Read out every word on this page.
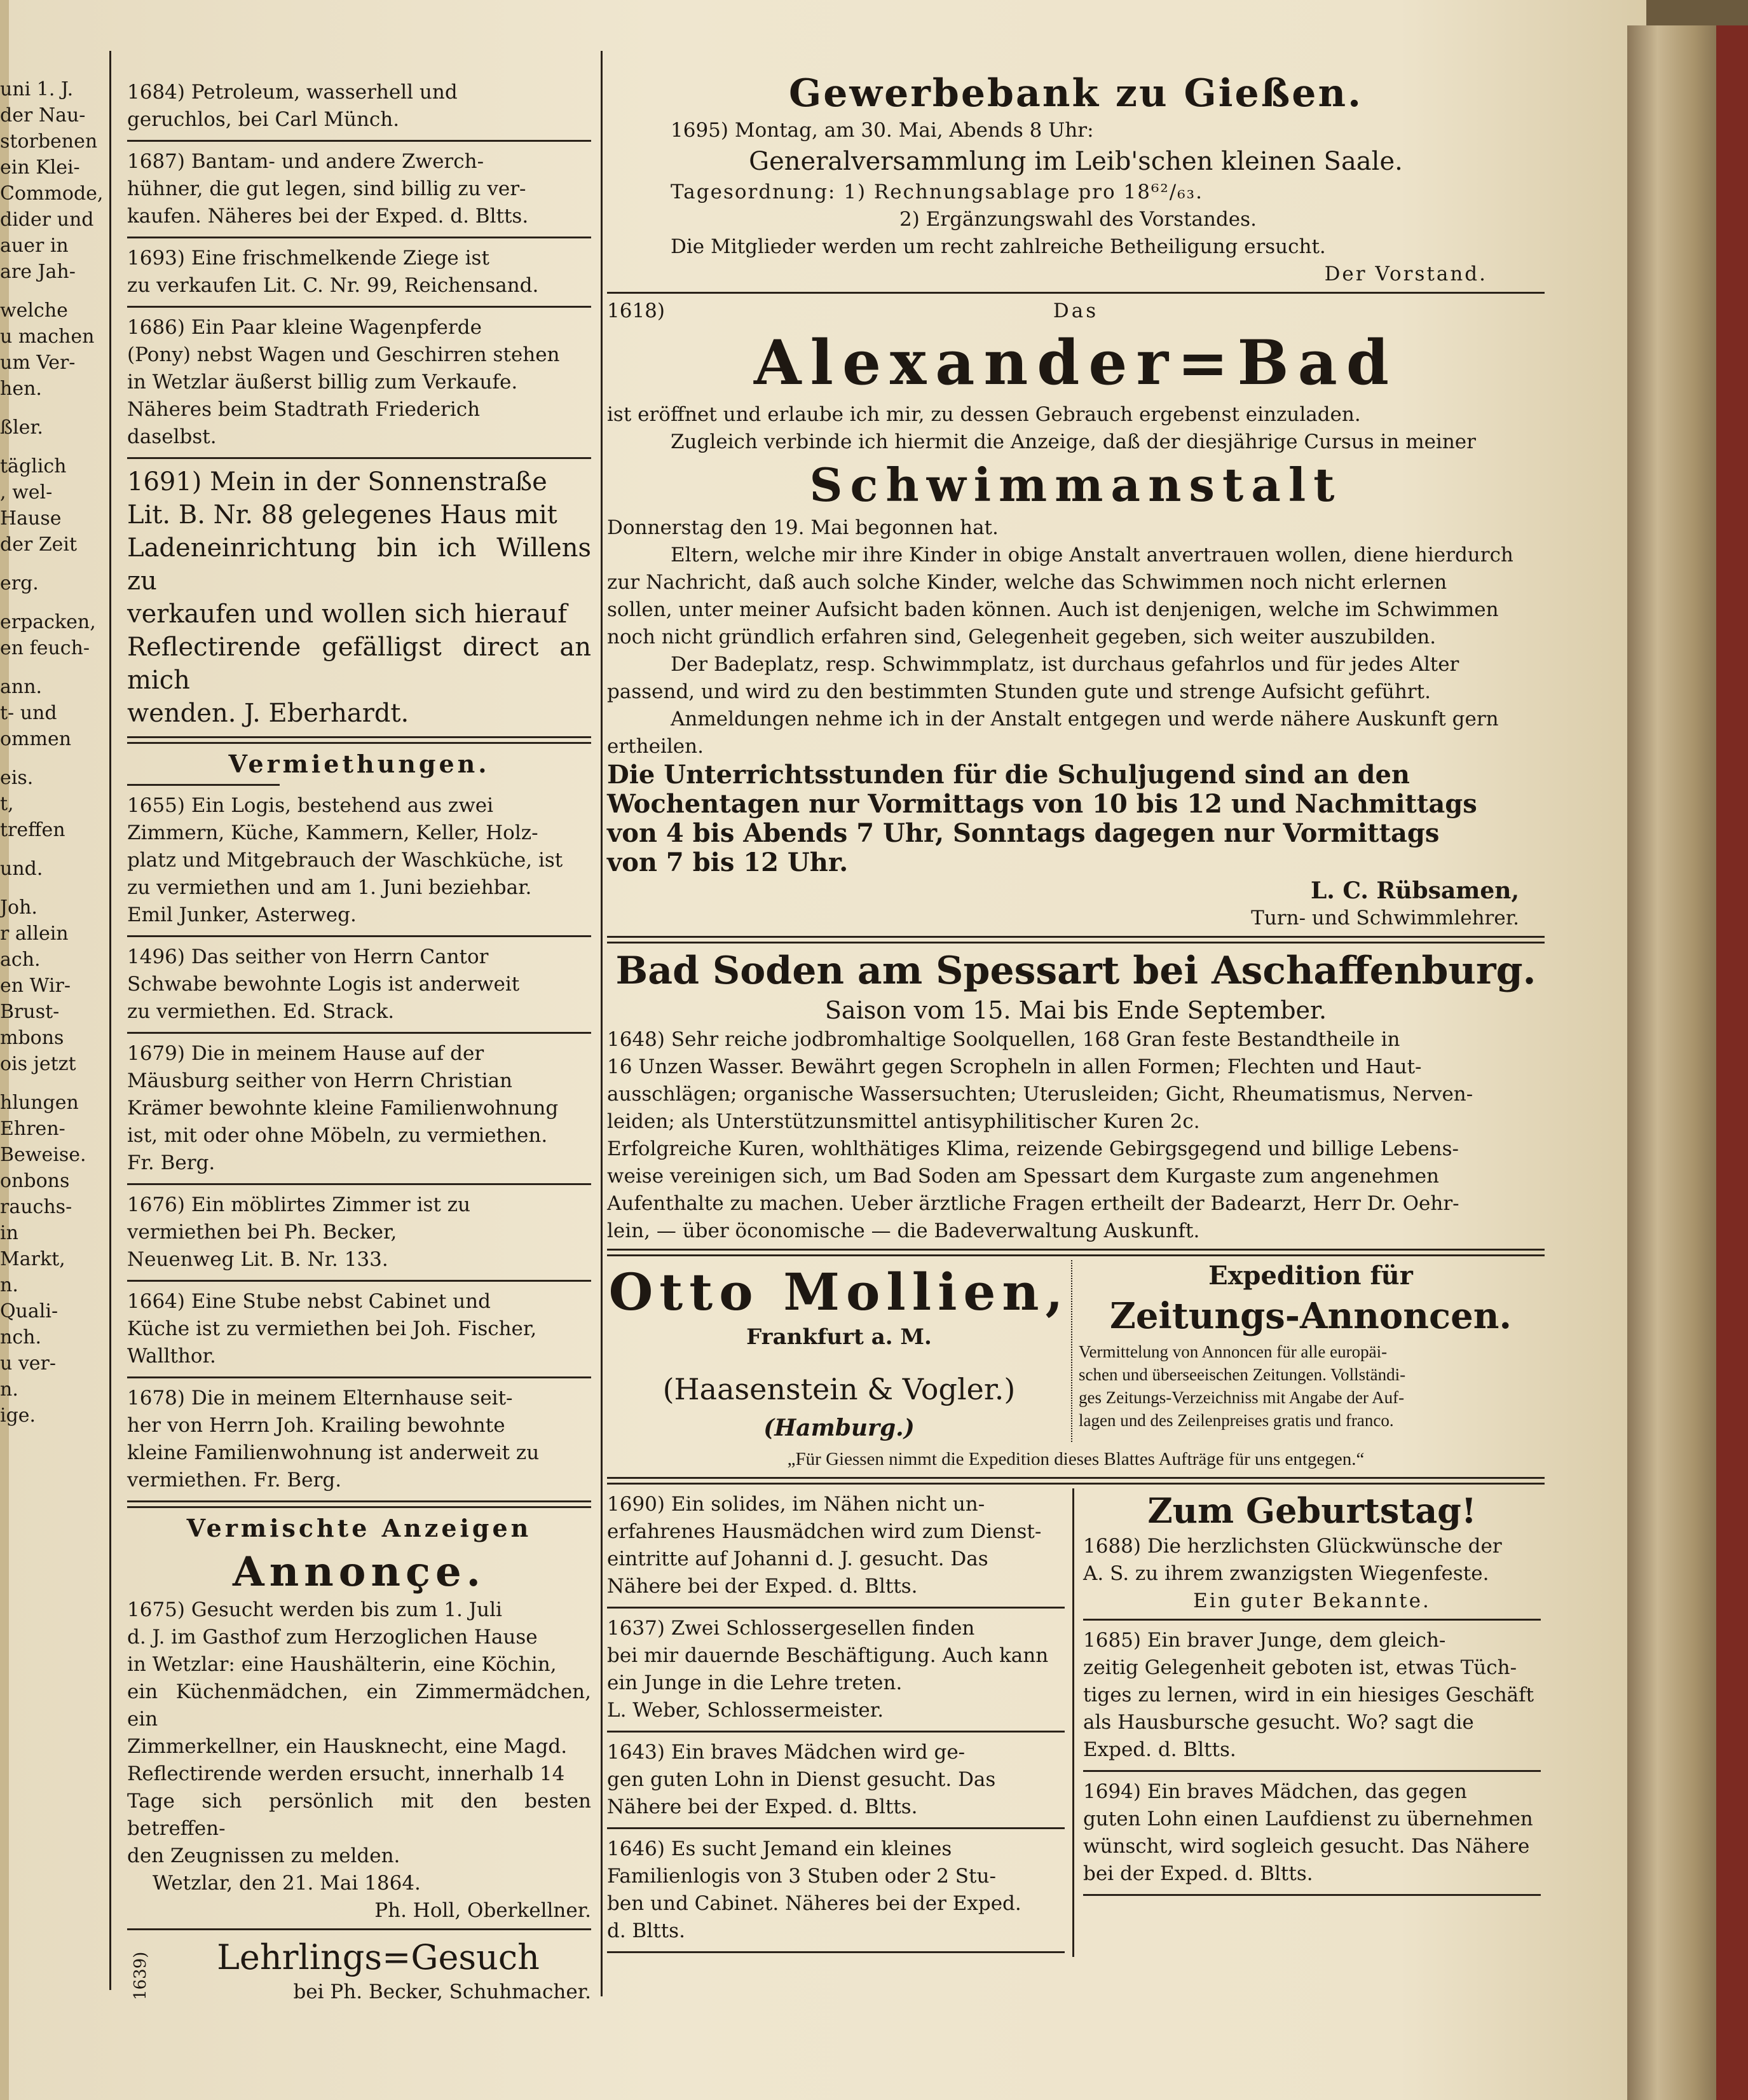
uni 1. J.

der Nau-

storbenen

ein Klei-

Commode,

dider und

auer in

are Jah-

welche

u machen

um Ver-

hen.

ßler.

täglich

, wel-

Hause

der Zeit

erg.

erpacken,

en feuch-

ann.

t- und

ommen

eis.

t,

treffen

und.

Joh.

r allein

ach.

en Wir-

Brust-

mbons

ois jetzt

hlungen

Ehren-

Beweise.

onbons

rauchs-

in

Markt,

n.

Quali-

nch.

u ver-

n.

ige.

1684) Petroleum, wasserhell und

geruchlos, bei Carl Münch.

1687) Bantam- und andere Zwerch-

hühner, die gut legen, sind billig zu ver-

kaufen. Näheres bei der Exped. d. Bltts.

1693) Eine frischmelkende Ziege ist

zu verkaufen Lit. C. Nr. 99, Reichensand.

1686) Ein Paar kleine Wagenpferde

(Pony) nebst Wagen und Geschirren stehen

in Wetzlar äußerst billig zum Verkaufe.

Näheres beim Stadtrath Friederich

daselbst.

1691) Mein in der Sonnenstraße

Lit. B. Nr. 88 gelegenes Haus mit

Ladeneinrichtung bin ich Willens zu

verkaufen und wollen sich hierauf

Reflectirende gefälligst direct an mich

wenden. J. Eberhardt.

Vermiethungen.

1655) Ein Logis, bestehend aus zwei

Zimmern, Küche, Kammern, Keller, Holz-

platz und Mitgebrauch der Waschküche, ist

zu vermiethen und am 1. Juni beziehbar.

Emil Junker, Asterweg.

1496) Das seither von Herrn Cantor

Schwabe bewohnte Logis ist anderweit

zu vermiethen. Ed. Strack.

1679) Die in meinem Hause auf der

Mäusburg seither von Herrn Christian

Krämer bewohnte kleine Familienwohnung

ist, mit oder ohne Möbeln, zu vermiethen.

Fr. Berg.

1676) Ein möblirtes Zimmer ist zu

vermiethen bei Ph. Becker,

Neuenweg Lit. B. Nr. 133.

1664) Eine Stube nebst Cabinet und

Küche ist zu vermiethen bei Joh. Fischer,

Wallthor.

1678) Die in meinem Elternhause seit-

her von Herrn Joh. Krailing bewohnte

kleine Familienwohnung ist anderweit zu

vermiethen. Fr. Berg.

Vermischte Anzeigen

Annonçe.

1675) Gesucht werden bis zum 1. Juli

d. J. im Gasthof zum Herzoglichen Hause

in Wetzlar: eine Haushälterin, eine Köchin,

ein Küchenmädchen, ein Zimmermädchen, ein

Zimmerkellner, ein Hausknecht, eine Magd.

Reflectirende werden ersucht, innerhalb 14

Tage sich persönlich mit den besten betreffen-

den Zeugnissen zu melden.

Wetzlar, den 21. Mai 1864.

Ph. Holl, Oberkellner.

1639)	Lehrlings=Gesuch

bei Ph. Becker, Schuhmacher.

Gewerbebank zu Gießen.

1695) Montag, am 30. Mai, Abends 8 Uhr:

Generalversammlung im Leib'schen kleinen Saale.

Tagesordnung: 1) Rechnungsablage pro 18⁶²/₆₃.

2) Ergänzungswahl des Vorstandes.

Die Mitglieder werden um recht zahlreiche Betheiligung ersucht.

Der Vorstand.

1618)	Das

Alexander=Bad

ist eröffnet und erlaube ich mir, zu dessen Gebrauch ergebenst einzuladen.

Zugleich verbinde ich hiermit die Anzeige, daß der diesjährige Cursus in meiner

Schwimmanstalt

Donnerstag den 19. Mai begonnen hat.

Eltern, welche mir ihre Kinder in obige Anstalt anvertrauen wollen, diene hierdurch

zur Nachricht, daß auch solche Kinder, welche das Schwimmen noch nicht erlernen

sollen, unter meiner Aufsicht baden können. Auch ist denjenigen, welche im Schwimmen

noch nicht gründlich erfahren sind, Gelegenheit gegeben, sich weiter auszubilden.

Der Badeplatz, resp. Schwimmplatz, ist durchaus gefahrlos und für jedes Alter

passend, und wird zu den bestimmten Stunden gute und strenge Aufsicht geführt.

Anmeldungen nehme ich in der Anstalt entgegen und werde nähere Auskunft gern

ertheilen.

Die Unterrichtsstunden für die Schuljugend sind an den

Wochentagen nur Vormittags von 10 bis 12 und Nachmittags

von 4 bis Abends 7 Uhr, Sonntags dagegen nur Vormittags

von 7 bis 12 Uhr.

L. C. Rübsamen,

Turn- und Schwimmlehrer.

Bad Soden am Spessart bei Aschaffenburg.

Saison vom 15. Mai bis Ende September.

1648) Sehr reiche jodbromhaltige Soolquellen, 168 Gran feste Bestandtheile in

16 Unzen Wasser. Bewährt gegen Scropheln in allen Formen; Flechten und Haut-

ausschlägen; organische Wassersuchten; Uterusleiden; Gicht, Rheumatismus, Nerven-

leiden; als Unterstützunsmittel antisyphilitischer Kuren 2c.

Erfolgreiche Kuren, wohlthätiges Klima, reizende Gebirgsgegend und billige Lebens-

weise vereinigen sich, um Bad Soden am Spessart dem Kurgaste zum angenehmen

Aufenthalte zu machen. Ueber ärztliche Fragen ertheilt der Badearzt, Herr Dr. Oehr-

lein, — über öconomische — die Badeverwaltung Auskunft.

Otto Mollien,

Frankfurt a. M.

(Haasenstein & Vogler.)

(Hamburg.)

Expedition für

Zeitungs-Annoncen.

Vermittelung von Annoncen für alle europäi-

schen und überseeischen Zeitungen. Vollständi-

ges Zeitungs-Verzeichniss mit Angabe der Auf-

lagen und des Zeilenpreises gratis und franco.

„Für Giessen nimmt die Expedition dieses Blattes Aufträge für uns entgegen.“

1690) Ein solides, im Nähen nicht un-

erfahrenes Hausmädchen wird zum Dienst-

eintritte auf Johanni d. J. gesucht. Das

Nähere bei der Exped. d. Bltts.

1637) Zwei Schlossergesellen finden

bei mir dauernde Beschäftigung. Auch kann

ein Junge in die Lehre treten.

L. Weber, Schlossermeister.

1643) Ein braves Mädchen wird ge-

gen guten Lohn in Dienst gesucht. Das

Nähere bei der Exped. d. Bltts.

1646) Es sucht Jemand ein kleines

Familienlogis von 3 Stuben oder 2 Stu-

ben und Cabinet. Näheres bei der Exped.

d. Bltts.

Zum Geburtstag!

1688) Die herzlichsten Glückwünsche der

A. S. zu ihrem zwanzigsten Wiegenfeste.

Ein guter Bekannte.

1685) Ein braver Junge, dem gleich-

zeitig Gelegenheit geboten ist, etwas Tüch-

tiges zu lernen, wird in ein hiesiges Geschäft

als Hausbursche gesucht. Wo? sagt die

Exped. d. Bltts.

1694) Ein braves Mädchen, das gegen

guten Lohn einen Laufdienst zu übernehmen

wünscht, wird sogleich gesucht. Das Nähere

bei der Exped. d. Bltts.
